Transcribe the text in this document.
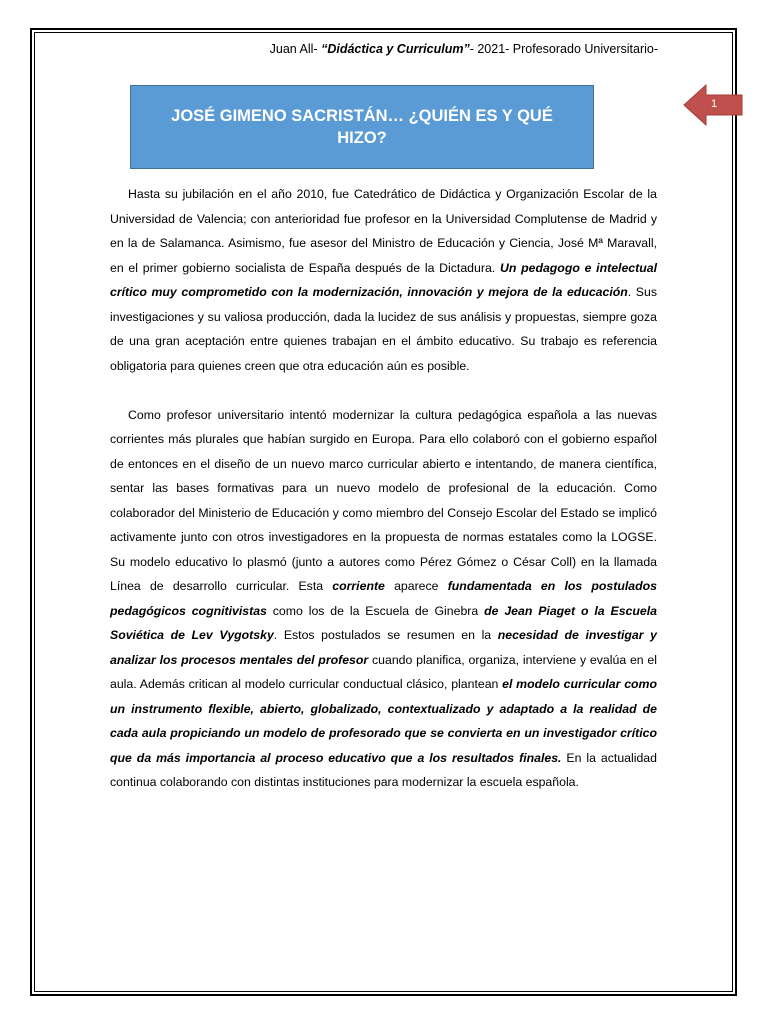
Juan All- “Didáctica y Curriculum”- 2021- Profesorado Universitario-
1
JOSÉ GIMENO SACRISTÁN… ¿QUIÉN ES Y QUÉ HIZO?

Hasta su jubilación en el año 2010, fue Catedrático de Didáctica y Organización Escolar de la Universidad de Valencia; con anterioridad fue profesor en la Universidad Complutense de Madrid y en la de Salamanca. Asimismo, fue asesor del Ministro de Educación y Ciencia, José Mª Maravall, en el primer gobierno socialista de España después de la Dictadura. Un pedagogo e intelectual crítico muy comprometido con la modernización, innovación y mejora de la educación. Sus investigaciones y su valiosa producción, dada la lucidez de sus análisis y propuestas, siempre goza de una gran aceptación entre quienes trabajan en el ámbito educativo. Su trabajo es referencia obligatoria para quienes creen que otra educación aún es posible.

Como profesor universitario intentó modernizar la cultura pedagógica española a las nuevas corrientes más plurales que habían surgido en Europa. Para ello colaboró con el gobierno español de entonces en el diseño de un nuevo marco curricular abierto e intentando, de manera científica, sentar las bases formativas para un nuevo modelo de profesional de la educación. Como colaborador del Ministerio de Educación y como miembro del Consejo Escolar del Estado se implicó activamente junto con otros investigadores en la propuesta de normas estatales como la LOGSE. Su modelo educativo lo plasmó (junto a autores como Pérez Gómez o César Coll) en la llamada Línea de desarrollo curricular. Esta corriente aparece fundamentada en los postulados pedagógicos cognitivistas como los de la Escuela de Ginebra de Jean Piaget o la Escuela Soviética de Lev Vygotsky. Estos postulados se resumen en la necesidad de investigar y analizar los procesos mentales del profesor cuando planifica, organiza, interviene y evalúa en el aula. Además critican al modelo curricular conductual clásico, plantean el modelo curricular como un instrumento flexible, abierto, globalizado, contextualizado y adaptado a la realidad de cada aula propiciando un modelo de profesorado que se convierta en un investigador crítico que da más importancia al proceso educativo que a los resultados finales. En la actualidad continua colaborando con distintas instituciones para modernizar la escuela española.
